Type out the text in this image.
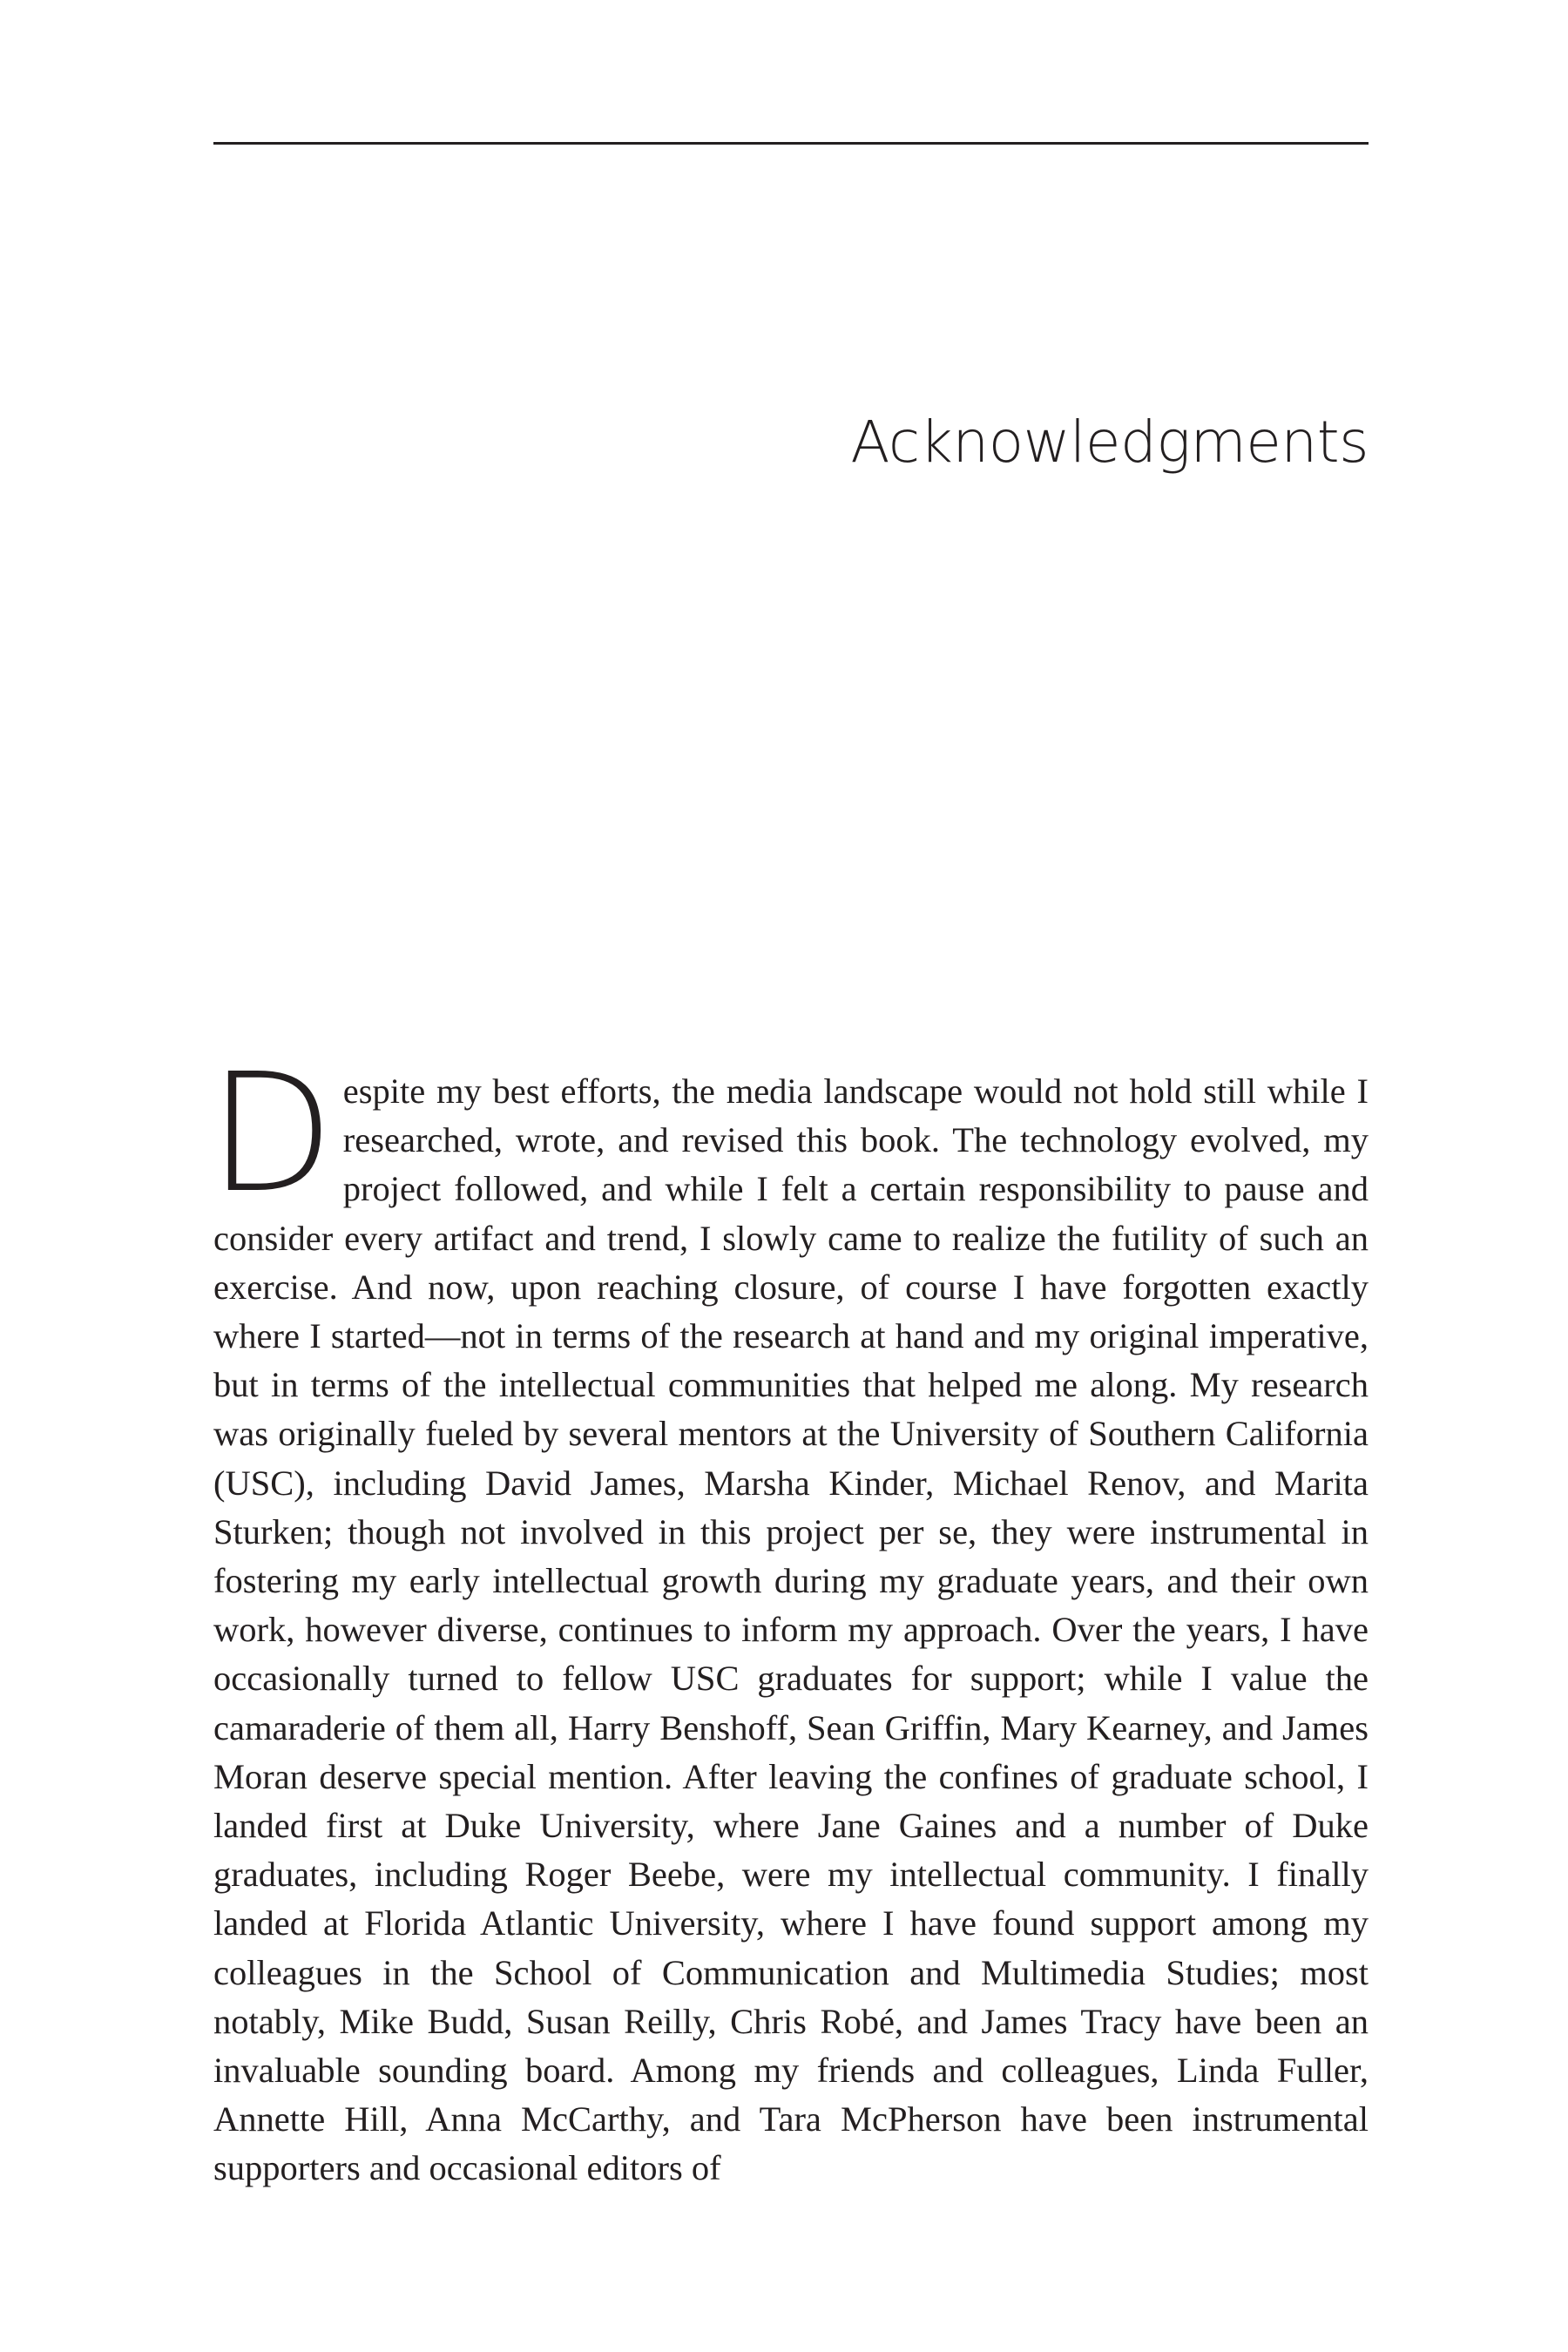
Acknowledgments

Despite my best efforts, the media landscape would not hold still while I researched, wrote, and revised this book. The technology evolved, my project followed, and while I felt a certain responsibility to pause and consider every artifact and trend, I slowly came to realize the futility of such an exercise. And now, upon reaching closure, of course I have forgotten exactly where I started—not in terms of the research at hand and my original imperative, but in terms of the intellectual communities that helped me along. My research was originally fueled by several mentors at the University of Southern California (USC), including David James, Marsha Kinder, Michael Renov, and Marita Sturken; though not involved in this project per se, they were instrumental in fostering my early intellectual growth during my graduate years, and their own work, however diverse, continues to inform my approach. Over the years, I have occasionally turned to fellow USC graduates for support; while I value the camaraderie of them all, Harry Benshoff, Sean Griffin, Mary Kearney, and James Moran deserve special mention. After leaving the confines of graduate school, I landed first at Duke University, where Jane Gaines and a number of Duke graduates, including Roger Beebe, were my intellectual community. I finally landed at Florida Atlantic University, where I have found support among my colleagues in the School of Communication and Multimedia Studies; most notably, Mike Budd, Susan Reilly, Chris Robé, and James Tracy have been an invaluable sounding board. Among my friends and colleagues, Linda Fuller, Annette Hill, Anna McCarthy, and Tara McPherson have been instrumental supporters and occasional editors of
